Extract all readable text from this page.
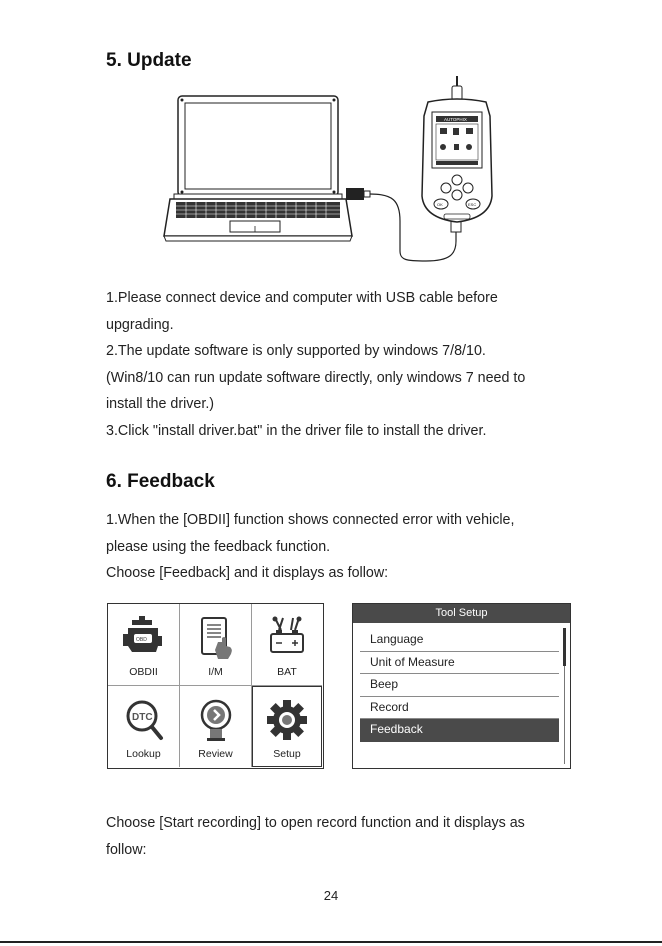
5. Update
AUTOPHIX
OK	ESC
1.Please connect device and computer with USB cable before
upgrading.
2.The update software is only supported by windows 7/8/10.
(Win8/10 can run update software directly, only windows 7 need to
install the driver.)
3.Click "install driver.bat" in the driver file to install the driver.
6. Feedback
1.When the [OBDII] function shows connected error with vehicle,
please using the feedback function.
Choose [Feedback] and it displays as follow:
OBD
OBDII	I/M	BAT
DTC
Lookup	Review	Setup
Tool Setup
Language
Unit of Measure
Beep
Record
Feedback
Choose [Start recording] to open record function and it displays as
follow:
24
